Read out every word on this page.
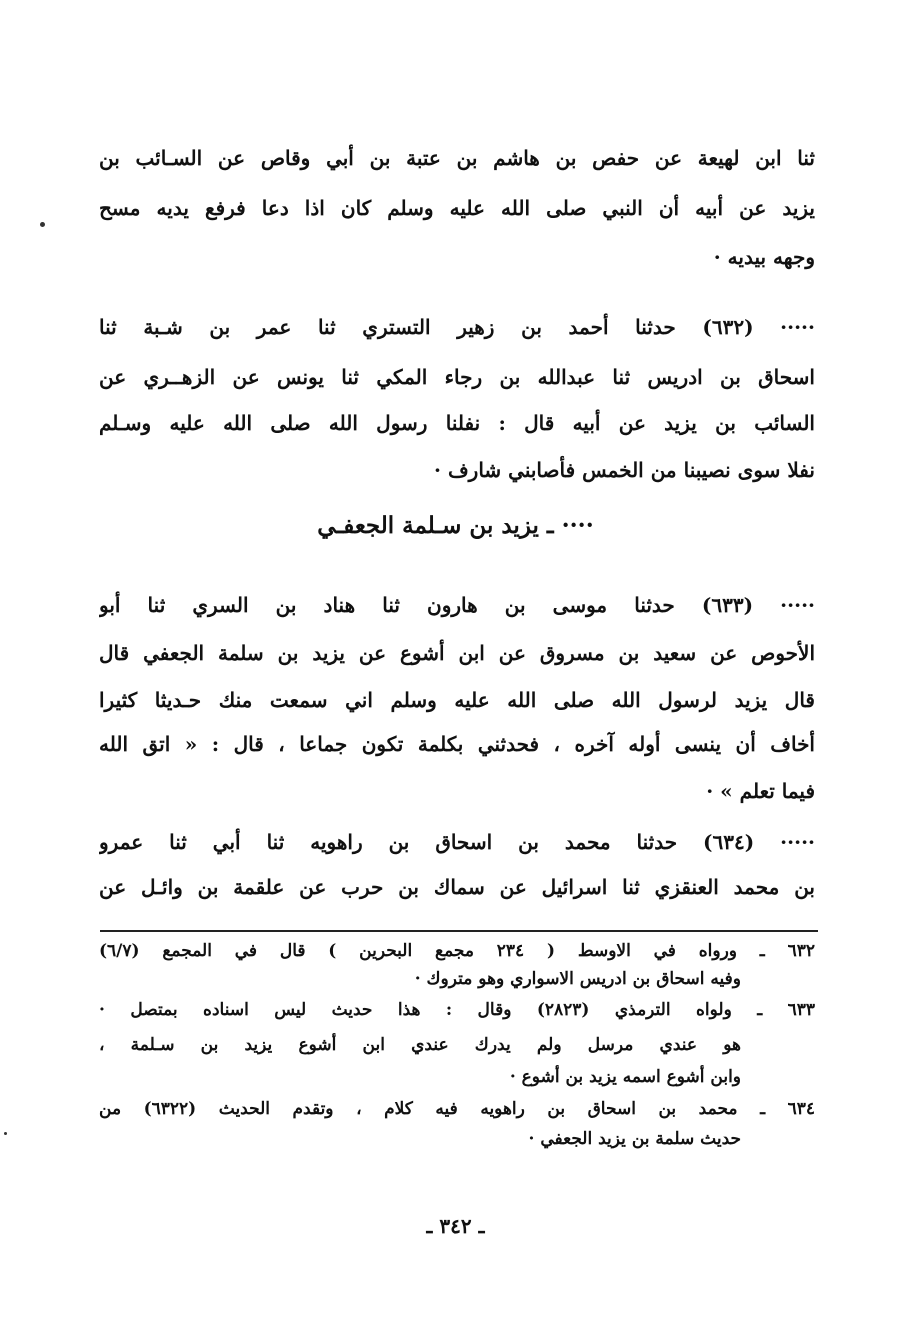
ثنا ابن لهيعة عن حفص بن هاشم بن عتبة بن أبي وقاص عن السـائب بن
يزيد عن أبيه أن النبي صلى الله عليه وسلم كان اذا دعا فرفع يديه مسح
وجهه بيديه ·
····· (٦٣٢) حدثنا أحمد بن زهير التستري ثنا عمر بن شـبة ثنا
اسحاق بن ادريس ثنا عبدالله بن رجاء المكي ثنا يونس عن الزهــري عن
السائب بن يزيد عن أبيه قال : نفلنا رسول الله صلى الله عليه وسـلم
نفلا سوى نصيبنا من الخمس فأصابني شارف ·
···· ـ يزيد بن سـلمة الجعفـي
····· (٦٣٣) حدثنا موسى بن هارون ثنا هناد بن السري ثنا أبو
الأحوص عن سعيد بن مسروق عن ابن أشوع عن يزيد بن سلمة الجعفي قال
قال يزيد لرسول الله صلى الله عليه وسلم اني سمعت منك حـديثا كثيرا
أخاف أن ينسى أوله آخره ، فحدثني بكلمة تكون جماعا ، قال : « اتق الله
فيما تعلم » ·
····· (٦٣٤) حدثنا محمد بن اسحاق بن راهويه ثنا أبي ثنا عمرو
بن محمد العنقزي ثنا اسرائيل عن سماك بن حرب عن علقمة بن وائـل عن
٦٣٢ ـ ورواه في الاوسط ( ٢٣٤ مجمع البحرين ) قال في المجمع (٦/٧)
وفيه اسحاق بن ادريس الاسواري وهو متروك ·
٦٣٣ ـ ولواه الترمذي (٢٨٢٣) وقال : هذا حديث ليس اسناده بمتصل ·
هو عندي مرسل ولم يدرك عندي ابن أشوع يزيد بن سـلمة ،
وابن أشوع اسمه يزيد بن أشوع ·
٦٣٤ ـ محمد بن اسحاق بن راهويه فيه كلام ، وتقدم الحديث (٦٣٢٢) من
حديث سلمة بن يزيد الجعفي ·
ـ ٣٤٢ ـ
